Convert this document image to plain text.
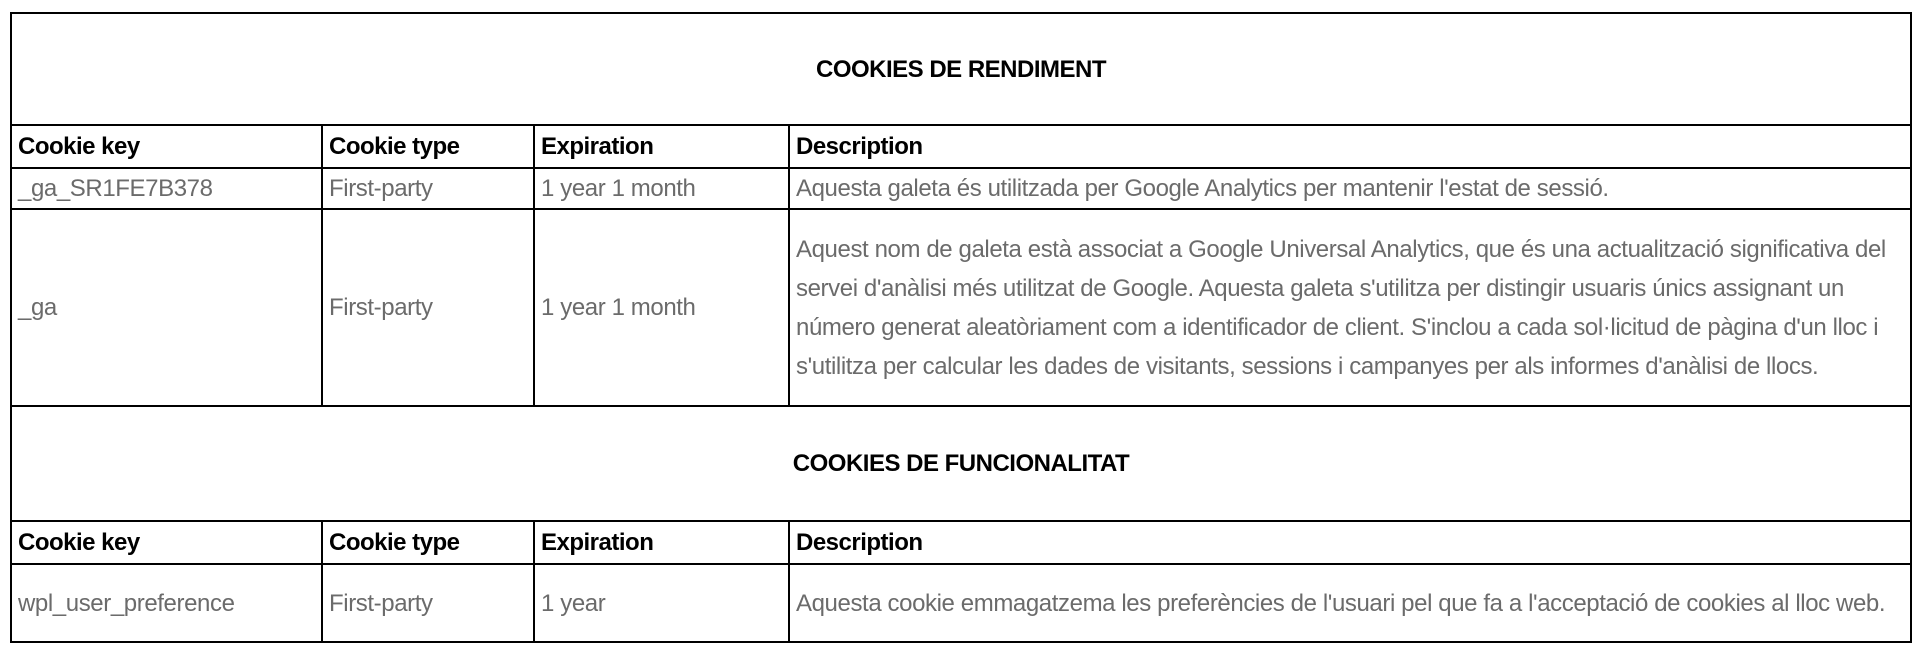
COOKIES DE RENDIMENT			
Cookie key	Cookie type	Expiration	Description
_ga_SR1FE7B378	First-party	1 year 1 month	Aquesta galeta és utilitzada per Google Analytics per mantenir l'estat de sessió.
_ga	First-party	1 year 1 month	Aquest nom de galeta està associat a Google Universal Analytics, que és una actualització significativa del servei d'anàlisi més utilitzat de Google. Aquesta galeta s'utilitza per distingir usuaris únics assignant un número generat aleatòriament com a identificador de client. S'inclou a cada sol·licitud de pàgina d'un lloc i s'utilitza per calcular les dades de visitants, sessions i campanyes per als informes d'anàlisi de llocs.
COOKIES DE FUNCIONALITAT			
Cookie key	Cookie type	Expiration	Description
wpl_user_preference	First-party	1 year	Aquesta cookie emmagatzema les preferències de l'usuari pel que fa a l'acceptació de cookies al lloc web.
